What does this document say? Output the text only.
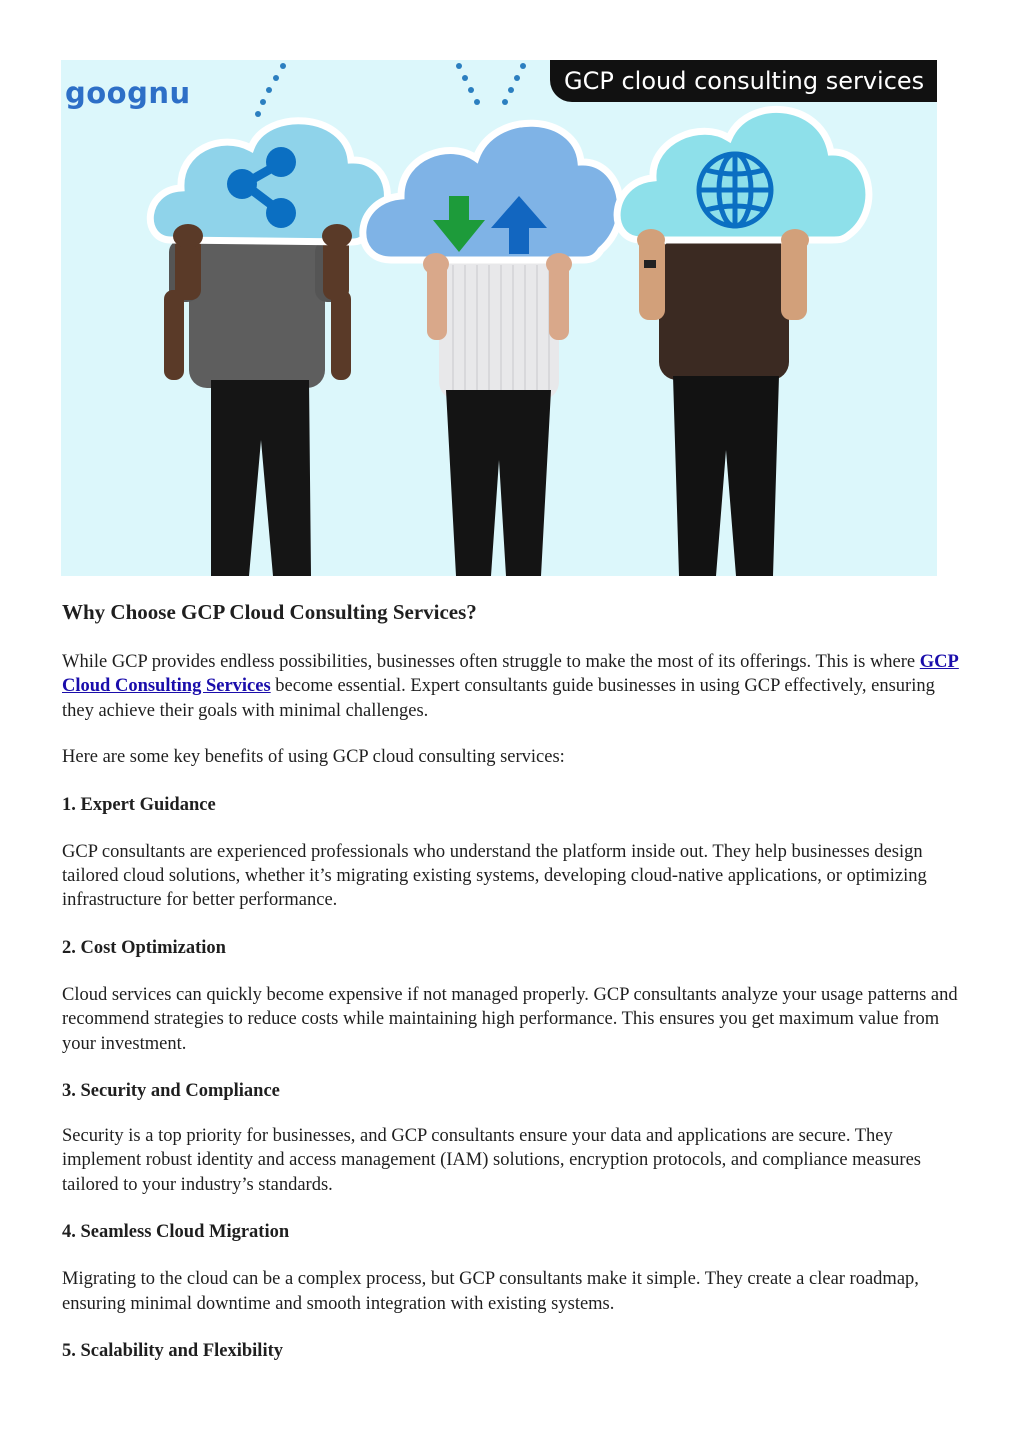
goognu	GCP cloud consulting services
Why Choose GCP Cloud Consulting Services?

While GCP provides endless possibilities, businesses often struggle to make the most of its offerings. This is where GCP Cloud Consulting Services become essential. Expert consultants guide businesses in using GCP effectively, ensuring they achieve their goals with minimal challenges.

Here are some key benefits of using GCP cloud consulting services:

1. Expert Guidance

GCP consultants are experienced professionals who understand the platform inside out. They help businesses design tailored cloud solutions, whether it’s migrating existing systems, developing cloud-native applications, or optimizing infrastructure for better performance.

2. Cost Optimization

Cloud services can quickly become expensive if not managed properly. GCP consultants analyze your usage patterns and recommend strategies to reduce costs while maintaining high performance. This ensures you get maximum value from your investment.

3. Security and Compliance

Security is a top priority for businesses, and GCP consultants ensure your data and applications are secure. They implement robust identity and access management (IAM) solutions, encryption protocols, and compliance measures tailored to your industry’s standards.

4. Seamless Cloud Migration

Migrating to the cloud can be a complex process, but GCP consultants make it simple. They create a clear roadmap, ensuring minimal downtime and smooth integration with existing systems.

5. Scalability and Flexibility
